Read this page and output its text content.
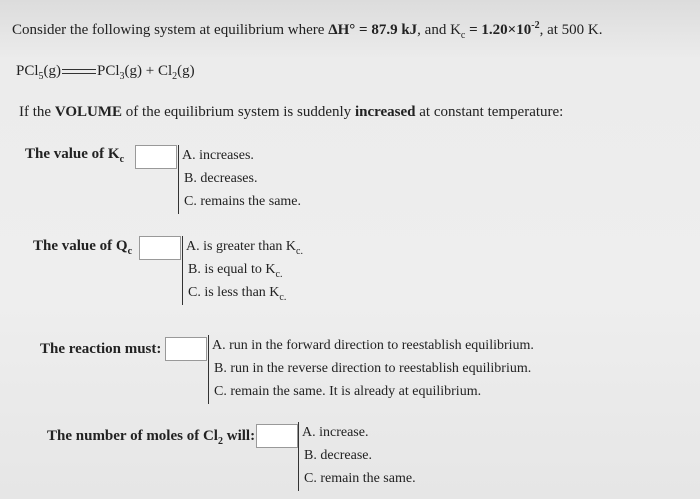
Consider the following system at equilibrium where ΔH° = 87.9 kJ, and $K_c = 1.20\times 10^{-2}$, at 500 K.
PCl$_5$(g) $PCl_3(g) + Cl_2(g)$
If the VOLUME of the equilibrium system is suddenly increased at constant temperature:
The value of $K_c$	A. increases.
B. decreases.
C. remains the same.
The value of $Q_c$	A. is greater than $K_{c.}$
B. is equal to $K_{c.}$
C. is less than $K_{c.}$
The reaction must:	A. run in the forward direction to reestablish equilibrium.
B. run in the reverse direction to reestablish equilibrium.
C. remain the same. It is already at equilibrium.
The number of moles of $Cl_2$ will:	A. increase.
B. decrease.
C. remain the same.
